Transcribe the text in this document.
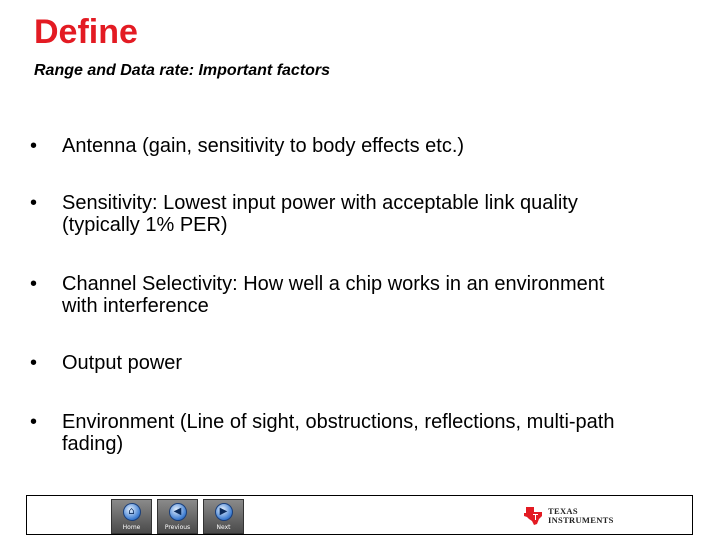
Define
Range and Data rate: Important factors
•	Antenna (gain, sensitivity to body effects etc.)
•	Sensitivity: Lowest input power with acceptable link quality (typically 1% PER)
•	Channel Selectivity: How well a chip works in an environment with interference
•	Output power
•	Environment (Line of sight, obstructions, reflections, multi-path fading)
⌂
Home
◀
Previous
▶
Next
TEXAS
INSTRUMENTS
